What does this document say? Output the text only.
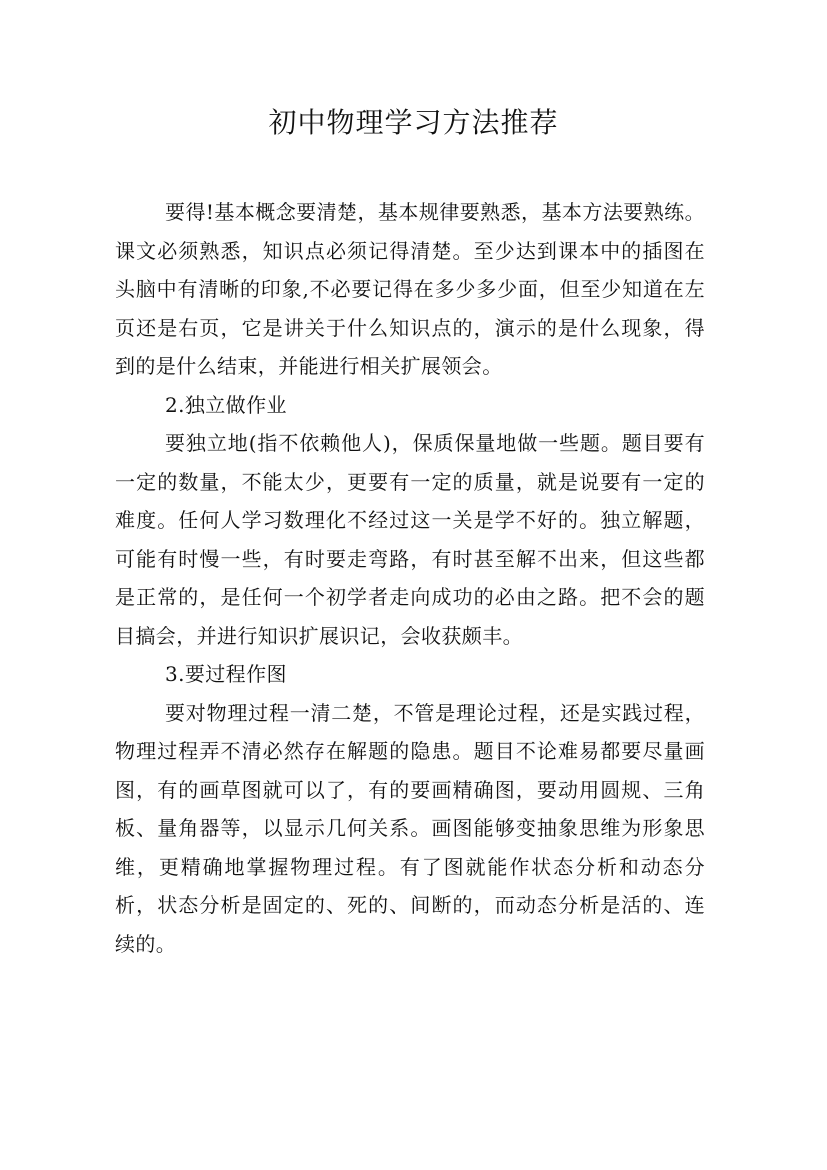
初中物理学习方法推荐

要得!基本概念要清楚，基本规律要熟悉，基本方法要熟练。课文必须熟悉，知识点必须记得清楚。至少达到课本中的插图在头脑中有清晰的印象,不必要记得在多少多少面，但至少知道在左页还是右页，它是讲关于什么知识点的，演示的是什么现象，得到的是什么结束，并能进行相关扩展领会。

2.独立做作业

要独立地(指不依赖他人)，保质保量地做一些题。题目要有一定的数量，不能太少，更要有一定的质量，就是说要有一定的难度。任何人学习数理化不经过这一关是学不好的。独立解题，可能有时慢一些，有时要走弯路，有时甚至解不出来，但这些都是正常的，是任何一个初学者走向成功的必由之路。把不会的题目搞会，并进行知识扩展识记，会收获颇丰。

3.要过程作图

要对物理过程一清二楚，不管是理论过程，还是实践过程，物理过程弄不清必然存在解题的隐患。题目不论难易都要尽量画图，有的画草图就可以了，有的要画精确图，要动用圆规、三角板、量角器等，以显示几何关系。画图能够变抽象思维为形象思维，更精确地掌握物理过程。有了图就能作状态分析和动态分析，状态分析是固定的、死的、间断的，而动态分析是活的、连续的。
